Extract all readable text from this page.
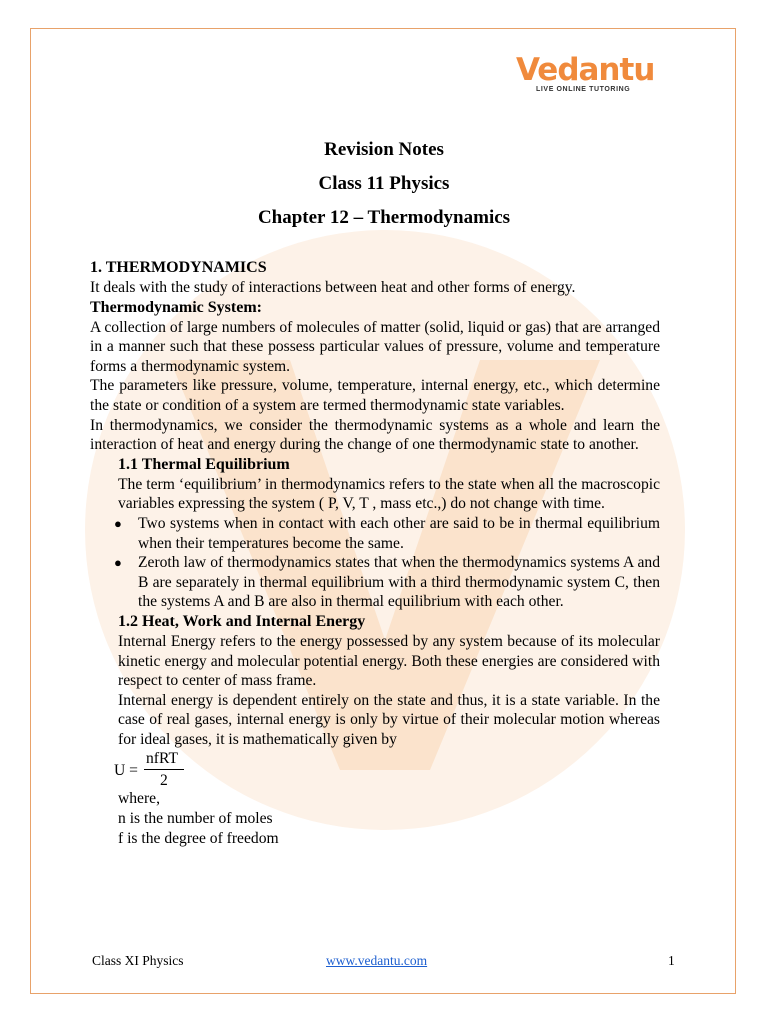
Vedantu
LIVE ONLINE TUTORING
Revision Notes
Class 11 Physics
Chapter 12 – Thermodynamics
1. THERMODYNAMICS

It deals with the study of interactions between heat and other forms of energy.

Thermodynamic System:

A collection of large numbers of molecules of matter (solid, liquid or gas) that are arranged in a manner such that these possess particular values of pressure, volume and temperature forms a thermodynamic system.

The parameters like pressure, volume, temperature, internal energy, etc., which determine the state or condition of a system are termed thermodynamic state variables.

In thermodynamics, we consider the thermodynamic systems as a whole and learn the interaction of heat and energy during the change of one thermodynamic state to another.

1.1 Thermal Equilibrium

The term ‘equilibrium’ in thermodynamics refers to the state when all the macroscopic variables expressing the system ( P, V, T , mass etc.,) do not change with time.

● Two systems when in contact with each other are said to be in thermal equilibrium when their temperatures become the same.
● Zeroth law of thermodynamics states that when the thermodynamics systems A and B are separately in thermal equilibrium with a third thermodynamic system C, then the systems A and B are also in thermal equilibrium with each other.
1.2 Heat, Work and Internal Energy

Internal Energy refers to the energy possessed by any system because of its molecular kinetic energy and molecular potential energy. Both these energies are considered with respect to center of mass frame.

Internal energy is dependent entirely on the state and thus, it is a state variable. In the case of real gases, internal energy is only by virtue of their molecular motion whereas for ideal gases, it is mathematically given by

U =
nfRT
2

where,

n is the number of moles

f is the degree of freedom

Class XI Physics	www.vedantu.com	1
